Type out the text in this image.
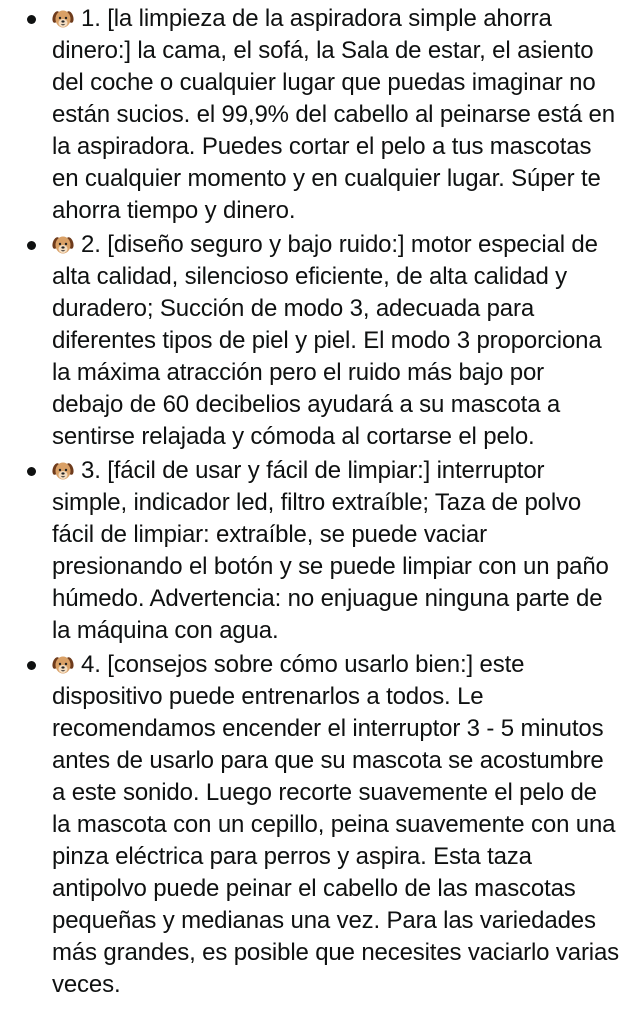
1. [la limpieza de la aspiradora simple ahorra dinero:] la cama, el sofá, la Sala de estar, el asiento del coche o cualquier lugar que puedas imaginar no están sucios. el 99,9% del cabello al peinarse está en la aspiradora. Puedes cortar el pelo a tus mascotas en cualquier momento y en cualquier lugar. Súper te ahorra tiempo y dinero.
2. [diseño seguro y bajo ruido:] motor especial de alta calidad, silencioso eficiente, de alta calidad y duradero; Succión de modo 3, adecuada para diferentes tipos de piel y piel. El modo 3 proporciona la máxima atracción pero el ruido más bajo por debajo de 60 decibelios ayudará a su mascota a sentirse relajada y cómoda al cortarse el pelo.
3. [fácil de usar y fácil de limpiar:] interruptor simple, indicador led, filtro extraíble; Taza de polvo fácil de limpiar: extraíble, se puede vaciar presionando el botón y se puede limpiar con un paño húmedo. Advertencia: no enjuague ninguna parte de la máquina con agua.
4. [consejos sobre cómo usarlo bien:] este dispositivo puede entrenarlos a todos. Le recomendamos encender el interruptor 3 - 5 minutos antes de usarlo para que su mascota se acostumbre a este sonido. Luego recorte suavemente el pelo de la mascota con un cepillo, peina suavemente con una pinza eléctrica para perros y aspira. Esta taza antipolvo puede peinar el cabello de las mascotas pequeñas y medianas una vez. Para las variedades más grandes, es posible que necesites vaciarlo varias veces.
